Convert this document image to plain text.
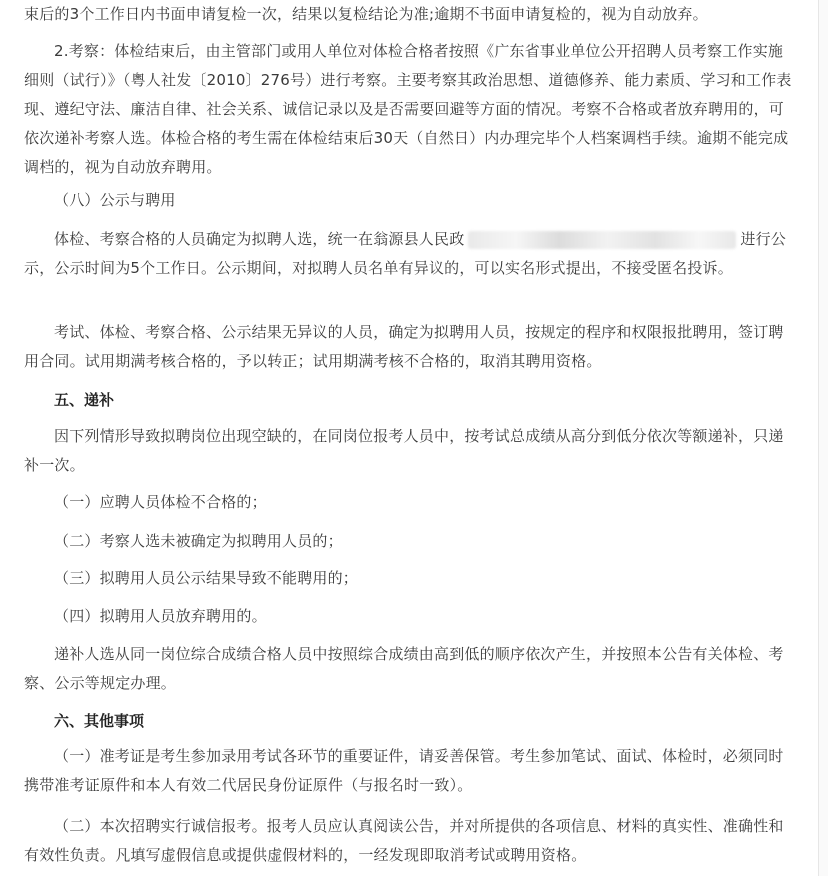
束后的3个工作日内书面申请复检一次，结果以复检结论为准;逾期不书面申请复检的，视为自动放弃。

2.考察：体检结束后，由主管部门或用人单位对体检合格者按照《广东省事业单位公开招聘人员考察工作实施细则（试行）》（粤人社发〔2010〕276号）进行考察。主要考察其政治思想、道德修养、能力素质、学习和工作表现、遵纪守法、廉洁自律、社会关系、诚信记录以及是否需要回避等方面的情况。考察不合格或者放弃聘用的，可依次递补考察人选。体检合格的考生需在体检结束后30天（自然日）内办理完毕个人档案调档手续。逾期不能完成调档的，视为自动放弃聘用。

（八）公示与聘用

体检、考察合格的人员确定为拟聘人选，统一在翁源县人民政	进行公示，公示时间为5个工作日。公示期间，对拟聘人员名单有异议的，可以实名形式提出，不接受匿名投诉。

考试、体检、考察合格、公示结果无异议的人员，确定为拟聘用人员，按规定的程序和权限报批聘用，签订聘用合同。试用期满考核合格的，予以转正；试用期满考核不合格的，取消其聘用资格。

五、递补

因下列情形导致拟聘岗位出现空缺的，在同岗位报考人员中，按考试总成绩从高分到低分依次等额递补，只递补一次。

（一）应聘人员体检不合格的；

（二）考察人选未被确定为拟聘用人员的；

（三）拟聘用人员公示结果导致不能聘用的；

（四）拟聘用人员放弃聘用的。

递补人选从同一岗位综合成绩合格人员中按照综合成绩由高到低的顺序依次产生，并按照本公告有关体检、考察、公示等规定办理。

六、其他事项

（一）准考证是考生参加录用考试各环节的重要证件，请妥善保管。考生参加笔试、面试、体检时，必须同时携带准考证原件和本人有效二代居民身份证原件（与报名时一致）。

（二）本次招聘实行诚信报考。报考人员应认真阅读公告，并对所提供的各项信息、材料的真实性、准确性和有效性负责。凡填写虚假信息或提供虚假材料的，一经发现即取消考试或聘用资格。
